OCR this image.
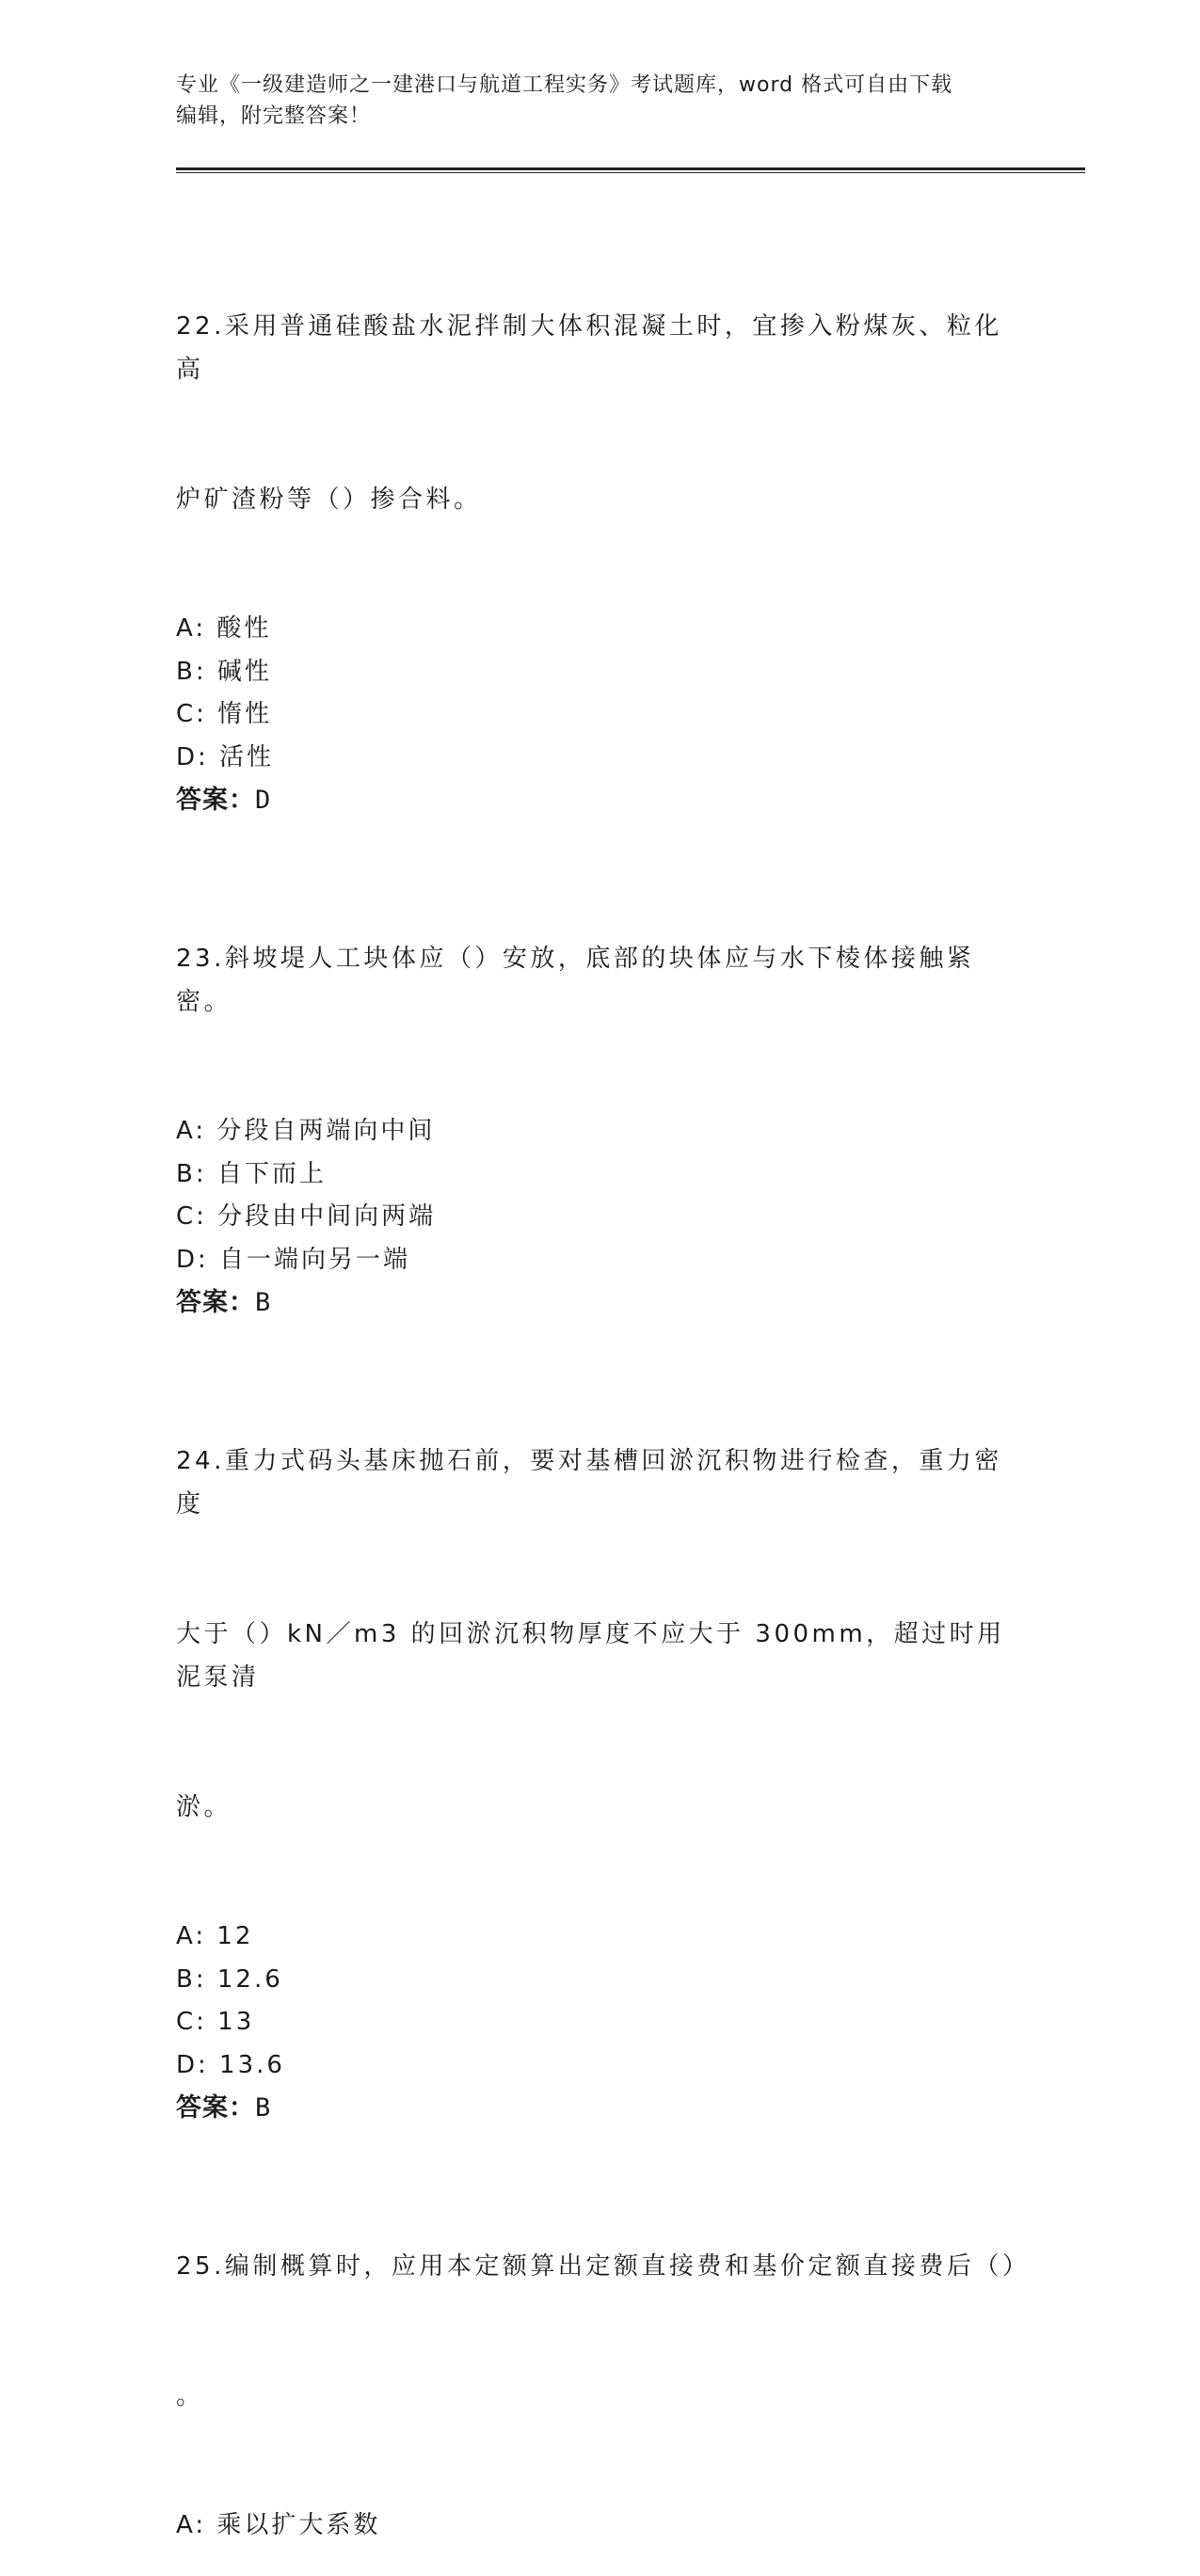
专业《一级建造师之一建港口与航道工程实务》考试题库，word 格式可自由下载
编辑，附完整答案！

22.采用普通硅酸盐水泥拌制大体积混凝土时，宜掺入粉煤灰、粒化高

炉矿渣粉等（）掺合料。

A: 酸性
B: 碱性
C: 惰性
D: 活性
答案：D

23.斜坡堤人工块体应（）安放，底部的块体应与水下棱体接触紧密。

A: 分段自两端向中间
B: 自下而上
C: 分段由中间向两端
D: 自一端向另一端
答案：B

24.重力式码头基床抛石前，要对基槽回淤沉积物进行检查，重力密度

大于（）kN／m3 的回淤沉积物厚度不应大于 300mm，超过时用泥泵清

淤。

A: 12
B: 12.6
C: 13
D: 13.6
答案：B

25.编制概算时，应用本定额算出定额直接费和基价定额直接费后（）

。

A: 乘以扩大系数
